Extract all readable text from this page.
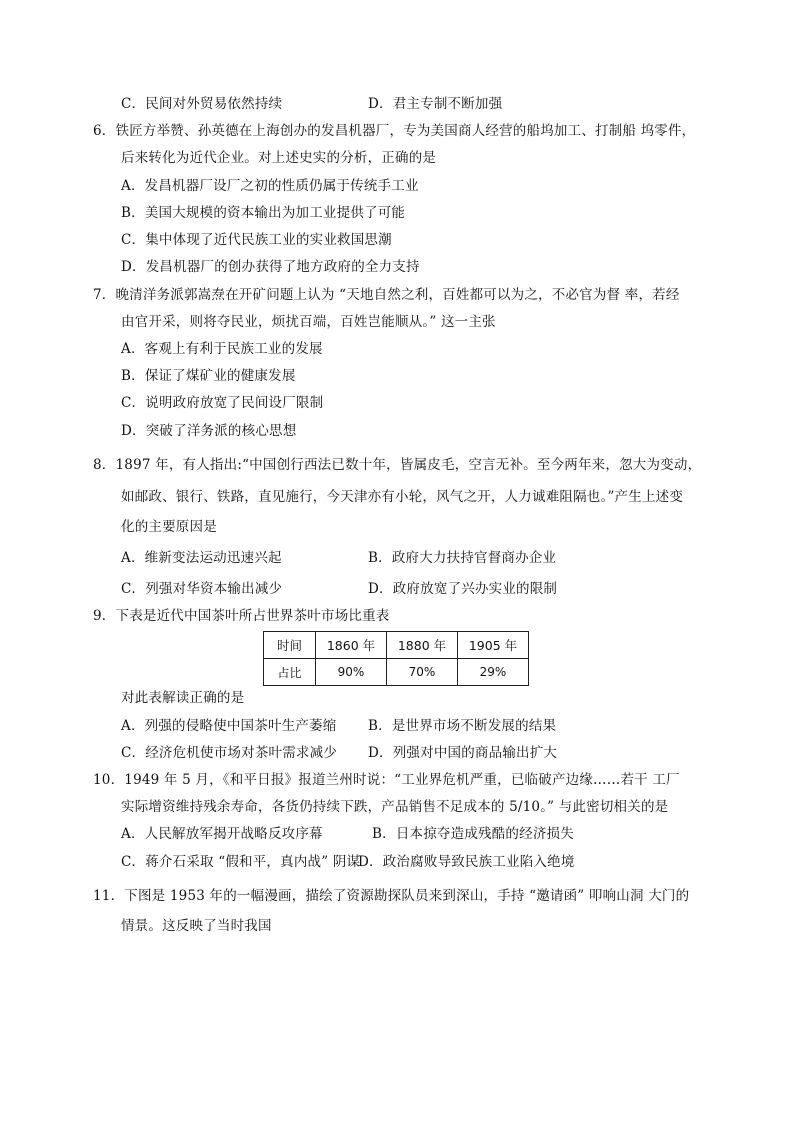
C．民间对外贸易依然持续	D．君主专制不断加强
6．铁匠方举赞、孙英德在上海创办的发昌机器厂，专为美国商人经营的船坞加工、打制船 坞零件，
后来转化为近代企业。对上述史实的分析，正确的是
A．发昌机器厂设厂之初的性质仍属于传统手工业
B．美国大规模的资本输出为加工业提供了可能
C．集中体现了近代民族工业的实业救国思潮
D．发昌机器厂的创办获得了地方政府的全力支持
7．晚清洋务派郭嵩焘在开矿问题上认为 “天地自然之利，百姓都可以为之，不必官为督 率，若经
由官开采，则将夺民业，烦扰百端，百姓岂能顺从。” 这一主张
A．客观上有利于民族工业的发展
B．保证了煤矿业的健康发展
C．说明政府放宽了民间设厂限制
D．突破了洋务派的核心思想
8．1897 年，有人指出:“中国创行西法已数十年，皆属皮毛，空言无补。至今两年来，忽大为变动，
如邮政、银行、铁路，直见施行，今天津亦有小轮，风气之开，人力诚难阻隔也。”产生上述变
化的主要原因是
A．维新变法运动迅速兴起	B．政府大力扶持官督商办企业
C．列强对华资本输出减少	D．政府放宽了兴办实业的限制
9．下表是近代中国茶叶所占世界茶叶市场比重表
时间	1860 年	1880 年	1905 年
占比	90%	70%	29%
对此表解读正确的是
A．列强的侵略使中国茶叶生产萎缩 B．是世界市场不断发展的结果
C．经济危机使市场对茶叶需求减少 D．列强对中国的商品输出扩大
10．1949 年 5 月，《和平日报》报道兰州时说：“工业界危机严重，已临破产边缘……若干 工厂
实际增资维持残余寿命，各货仍持续下跌，产品销售不足成本的 5/10。” 与此密切相关的是
A．人民解放军揭开战略反攻序幕	B．日本掠夺造成残酷的经济损失
C．蒋介石采取 “假和平，真内战” 阴谋
D．政治腐败导致民族工业陷入绝境
11．下图是 1953 年的一幅漫画，描绘了资源勘探队员来到深山，手持 “邀请函” 叩响山洞 大门的
情景。这反映了当时我国
